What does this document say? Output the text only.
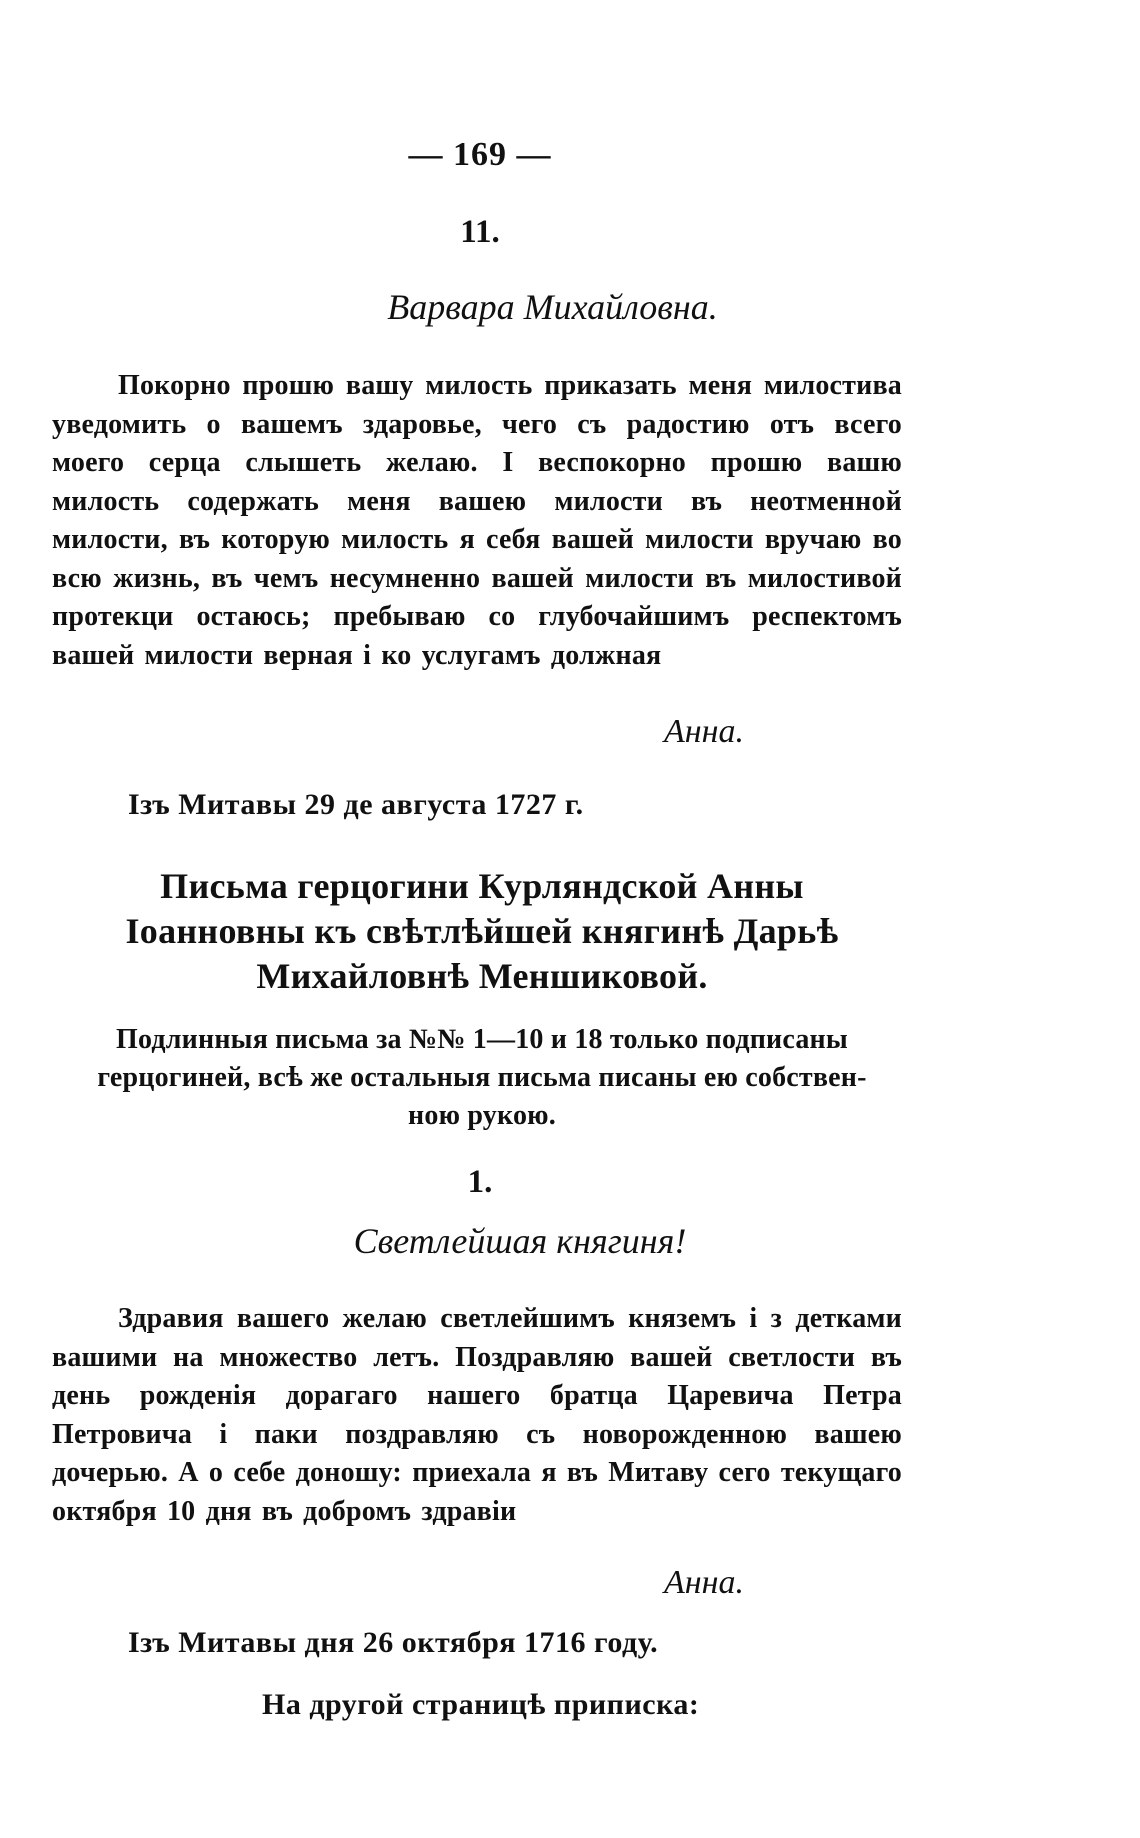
— 169 —
11.
Варвара Михайловна.
Покорно прошю вашу милость приказать меня милостива уведомить о вашемъ здаровье, чего съ радостию отъ всего моего серца слышеть желаю. I веспокорно прошю вашю милость содержать меня вашею милости въ неотменной милости, въ которую милость я себя вашей милости вручаю во всю жизнь, въ чемъ несумненно вашей милости въ милостивой протекци остаюсь; пребываю со глубочайшимъ респектомъ вашей милости верная i ко услугамъ должная
Анна.
Iзъ Митавы 29 де августа 1727 г.
Письма герцогини Курляндской Анны
Iоанновны къ свѣтлѣйшей княгинѣ Дарьѣ
Михайловнѣ Меншиковой.
Подлинныя письма за №№ 1—10 и 18 только подписаны
герцогиней, всѣ же остальныя письма писаны ею собствен-
ною рукою.
1.
Светлейшая княгиня!
Здравия вашего желаю светлейшимъ княземъ i з детками вашими на множество летъ. Поздравляю вашей светлости въ день рожденiя дорагаго нашего братца Царевича Петра Петровича i паки поздравляю съ новорожденною вашею дочерью. А о себе доношу: приехала я въ Митаву сего текущаго октября 10 дня въ добромъ здравiи
Анна.
Iзъ Митавы дня 26 октября 1716 году.
На другой страницѣ приписка:
